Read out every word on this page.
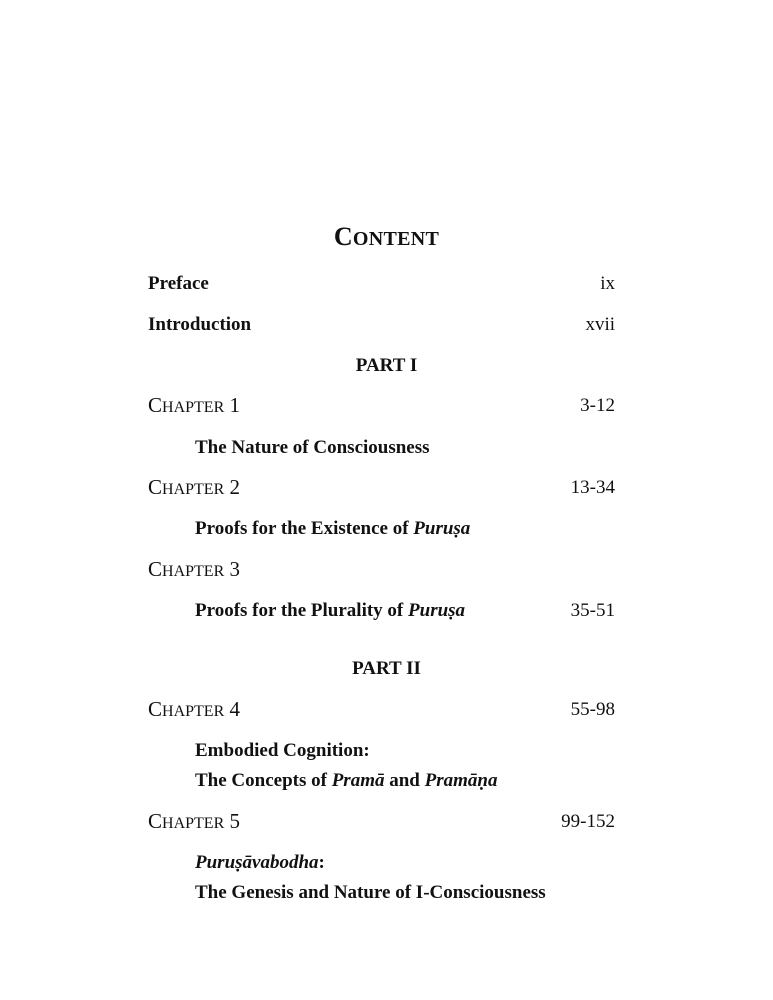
CONTENT
Preface	ix
Introduction	xvii
PART I
CHAPTER 1	3-12
The Nature of Consciousness
CHAPTER 2	13-34
Proofs for the Existence of Puruṣa
CHAPTER 3
Proofs for the Plurality of Puruṣa	35-51
PART II
CHAPTER 4	55-98
Embodied Cognition:
The Concepts of Pramā and Pramāṇa
CHAPTER 5	99-152
Puruṣāvabodha:
The Genesis and Nature of I-Consciousness
